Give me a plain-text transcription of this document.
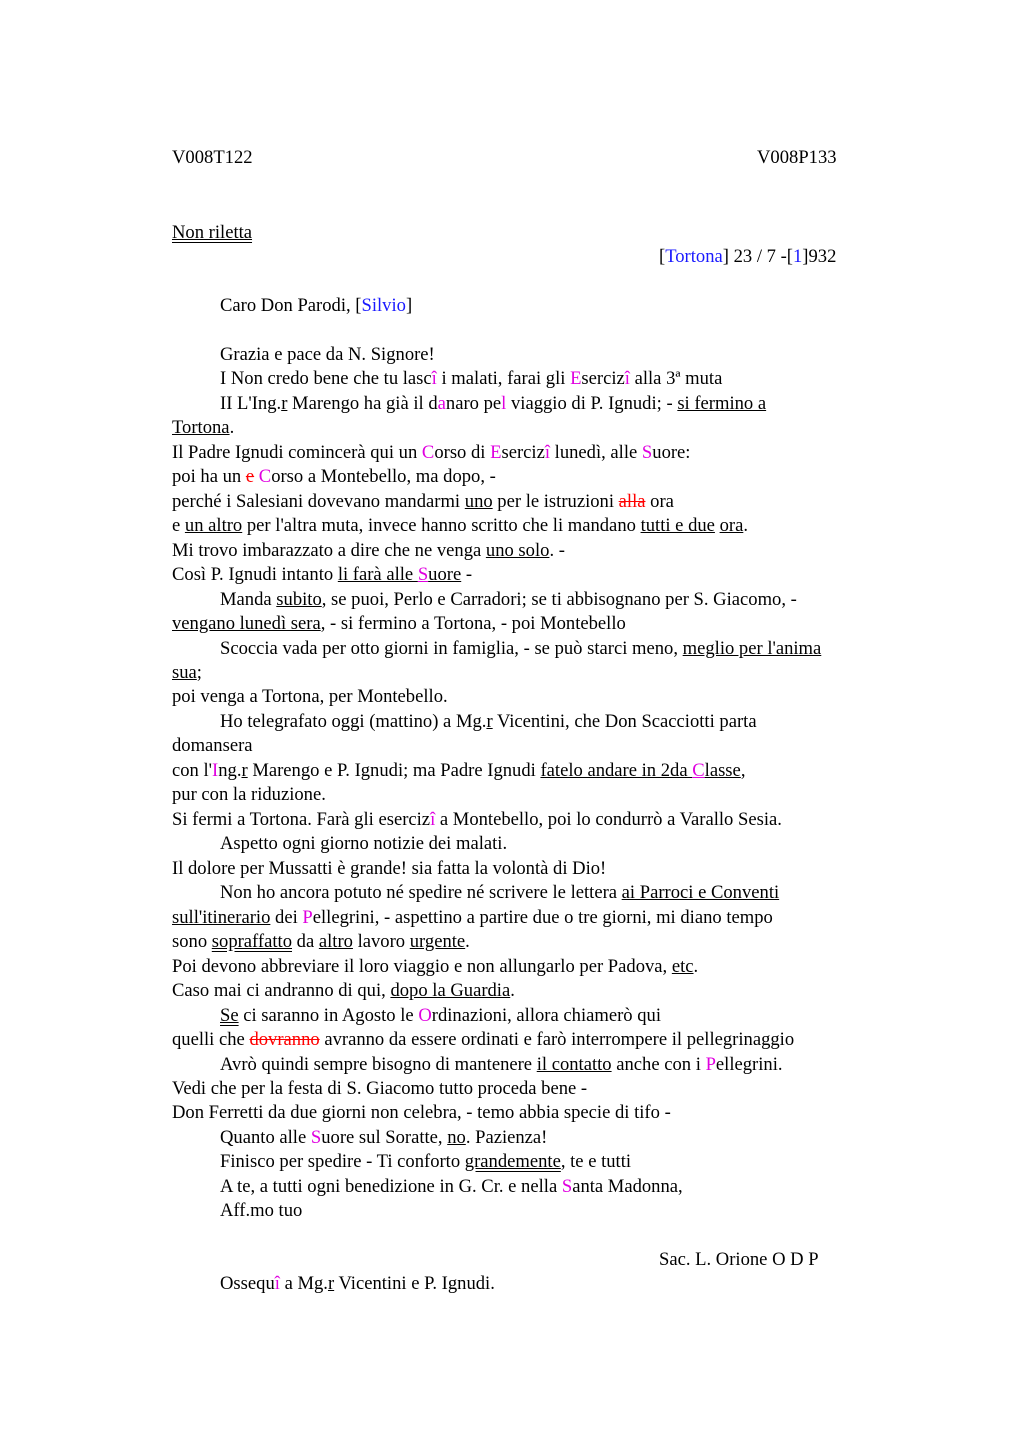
V008T122	V008P133
Non riletta
[Tortona] 23 / 7 -[1]932
Caro Don Parodi, [Silvio]
Grazia e pace da N. Signore!
I Non credo bene che tu lascî i malati, farai gli Esercizî alla 3ª muta
II L'Ing.r Marengo ha già il danaro pel viaggio di P. Ignudi; - si fermino a
Tortona.
Il Padre Ignudi comincerà qui un Corso di Esercizî lunedì, alle Suore:
poi ha un e Corso a Montebello, ma dopo, -
perché i Salesiani dovevano mandarmi uno per le istruzioni alla ora
e un altro per l'altra muta, invece hanno scritto che li mandano tutti e due ora.
Mi trovo imbarazzato a dire che ne venga uno solo. -
Così P. Ignudi intanto li farà alle Suore -
Manda subito, se puoi, Perlo e Carradori; se ti abbisognano per S. Giacomo, -
vengano lunedì sera, - si fermino a Tortona, - poi Montebello
Scoccia vada per otto giorni in famiglia, - se può starci meno, meglio per l'anima
sua;
poi venga a Tortona, per Montebello.
Ho telegrafato oggi (mattino) a Mg.r Vicentini, che Don Scacciotti parta
domansera
con l'Ing.r Marengo e P. Ignudi; ma Padre Ignudi fatelo andare in 2da Classe,
pur con la riduzione.
Si fermi a Tortona. Farà gli esercizî a Montebello, poi lo condurrò a Varallo Sesia.
Aspetto ogni giorno notizie dei malati.
Il dolore per Mussatti è grande! sia fatta la volontà di Dio!
Non ho ancora potuto né spedire né scrivere le lettera ai Parroci e Conventi
sull'itinerario dei Pellegrini, - aspettino a partire due o tre giorni, mi diano tempo
sono sopraffatto da altro lavoro urgente.
Poi devono abbreviare il loro viaggio e non allungarlo per Padova, etc.
Caso mai ci andranno di qui, dopo la Guardia.
Se ci saranno in Agosto le Ordinazioni, allora chiamerò qui
quelli che dovranno avranno da essere ordinati e farò interrompere il pellegrinaggio
Avrò quindi sempre bisogno di mantenere il contatto anche con i Pellegrini.
Vedi che per la festa di S. Giacomo tutto proceda bene -
Don Ferretti da due giorni non celebra, - temo abbia specie di tifo -
Quanto alle Suore sul Soratte, no. Pazienza!
Finisco per spedire - Ti conforto grandemente, te e tutti
A te, a tutti ogni benedizione in G. Cr. e nella Santa Madonna,
Aff.mo tuo
Sac. L. Orione O D P
Ossequî a Mg.r Vicentini e P. Ignudi.
